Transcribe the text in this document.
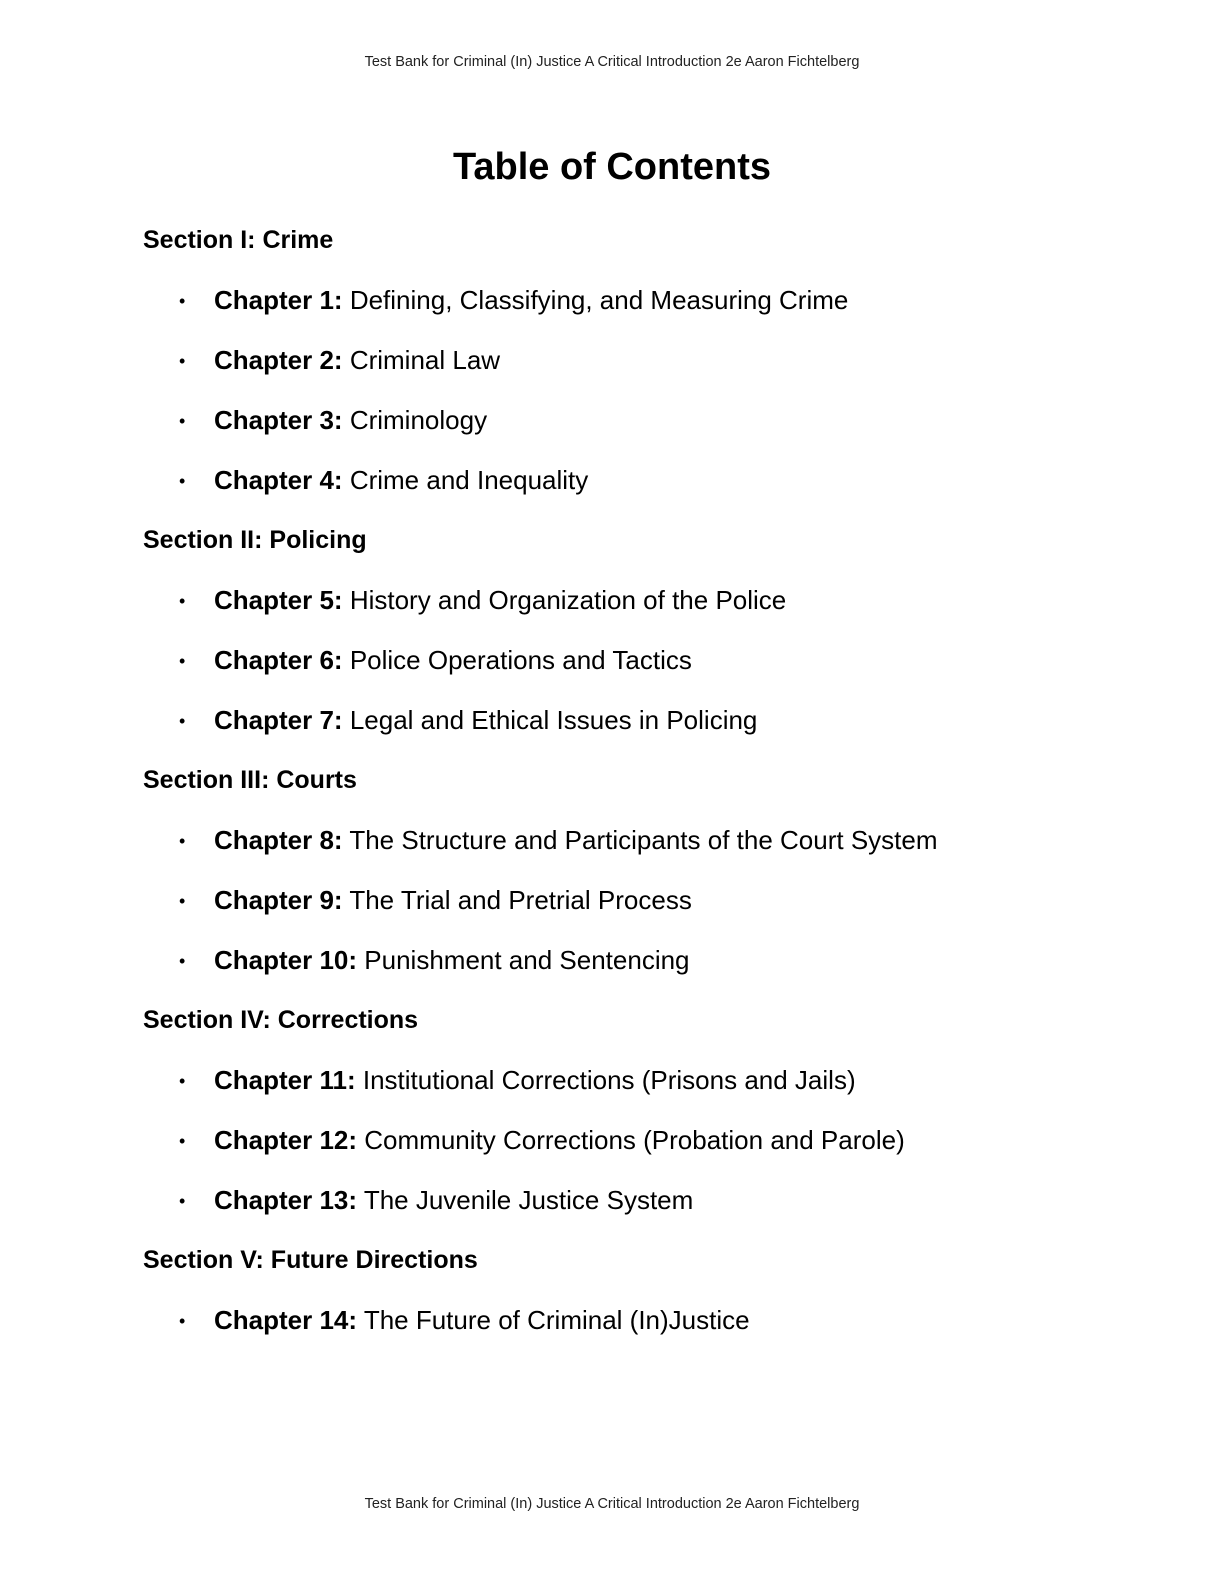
Test Bank for Criminal (In) Justice A Critical Introduction 2e Aaron Fichtelberg
Table of Contents
Section I: Crime
• Chapter 1: Defining, Classifying, and Measuring Crime
• Chapter 2: Criminal Law
• Chapter 3: Criminology
• Chapter 4: Crime and Inequality
Section II: Policing
• Chapter 5: History and Organization of the Police
• Chapter 6: Police Operations and Tactics
• Chapter 7: Legal and Ethical Issues in Policing
Section III: Courts
• Chapter 8: The Structure and Participants of the Court System
• Chapter 9: The Trial and Pretrial Process
• Chapter 10: Punishment and Sentencing
Section IV: Corrections
• Chapter 11: Institutional Corrections (Prisons and Jails)
• Chapter 12: Community Corrections (Probation and Parole)
• Chapter 13: The Juvenile Justice System
Section V: Future Directions
• Chapter 14: The Future of Criminal (In)Justice
Test Bank for Criminal (In) Justice A Critical Introduction 2e Aaron Fichtelberg
